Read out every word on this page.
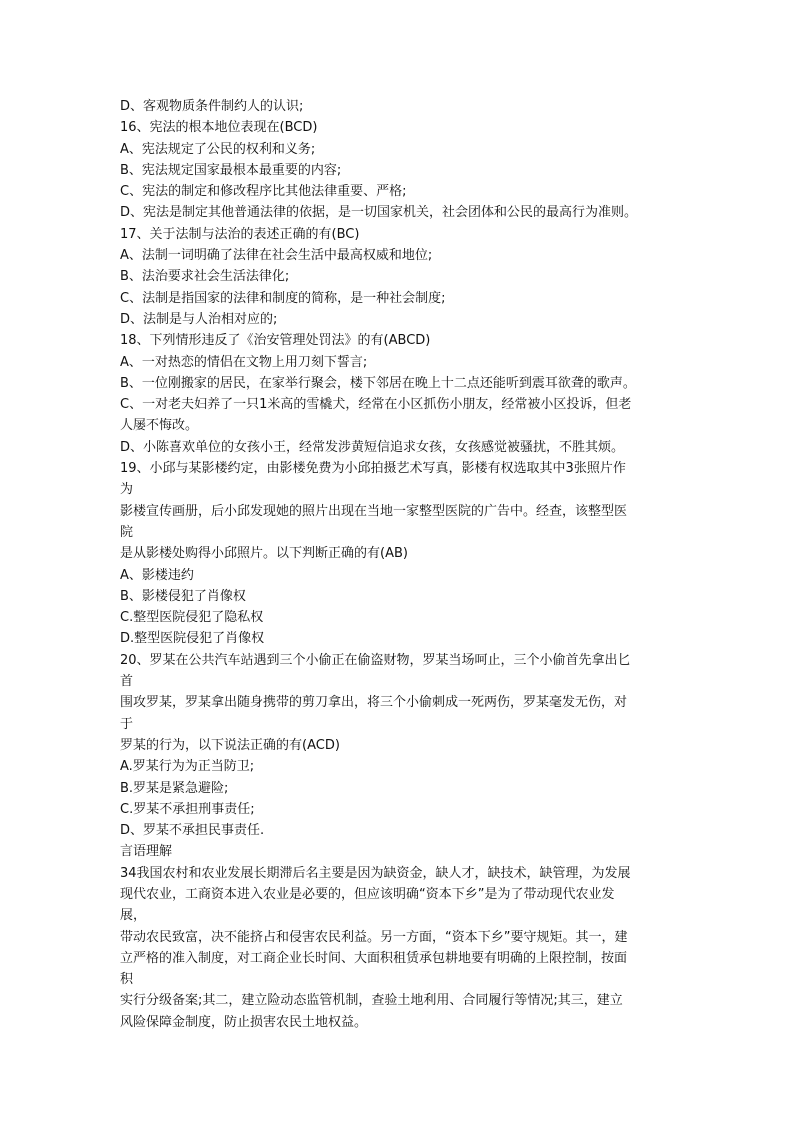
D、客观物质条件制约人的认识;
16、宪法的根本地位表现在(BCD)
A、宪法规定了公民的权利和义务;
B、宪法规定国家最根本最重要的内容;
C、宪法的制定和修改程序比其他法律重要、严格;
D、宪法是制定其他普通法律的依据，是一切国家机关，社会团体和公民的最高行为准则。
17、关于法制与法治的表述正确的有(BC)
A、法制一词明确了法律在社会生活中最高权威和地位;
B、法治要求社会生活法律化;
C、法制是指国家的法律和制度的简称，是一种社会制度;
D、法制是与人治相对应的;
18、下列情形违反了《治安管理处罚法》的有(ABCD)
A、一对热恋的情侣在文物上用刀刻下誓言;
B、一位刚搬家的居民，在家举行聚会，楼下邻居在晚上十二点还能听到震耳欲聋的歌声。
C、一对老夫妇养了一只1米高的雪橇犬，经常在小区抓伤小朋友，经常被小区投诉，但老
人屡不悔改。
D、小陈喜欢单位的女孩小王，经常发涉黄短信追求女孩，女孩感觉被骚扰，不胜其烦。
19、小邱与某影楼约定，由影楼免费为小邱拍摄艺术写真，影楼有权选取其中3张照片作
为
影楼宣传画册，后小邱发现她的照片出现在当地一家整型医院的广告中。经查，该整型医
院
是从影楼处购得小邱照片。以下判断正确的有(AB)
A、影楼违约
B、影楼侵犯了肖像权
C.整型医院侵犯了隐私权
D.整型医院侵犯了肖像权
20、罗某在公共汽车站遇到三个小偷正在偷盗财物，罗某当场呵止，三个小偷首先拿出匕
首
围攻罗某，罗某拿出随身携带的剪刀拿出，将三个小偷刺成一死两伤，罗某毫发无伤，对
于
罗某的行为，以下说法正确的有(ACD)
A.罗某行为为正当防卫;
B.罗某是紧急避险;
C.罗某不承担刑事责任;
D、罗某不承担民事责任.
言语理解
34我国农村和农业发展长期滞后名主要是因为缺资金，缺人才，缺技术，缺管理，为发展
现代农业，工商资本进入农业是必要的，但应该明确“资本下乡”是为了带动现代农业发
展，
带动农民致富，决不能挤占和侵害农民利益。另一方面，“资本下乡”要守规矩。其一，建
立严格的准入制度，对工商企业长时间、大面积租赁承包耕地要有明确的上限控制，按面
积
实行分级备案;其二，建立险动态监管机制，查验土地利用、合同履行等情况;其三，建立
风险保障金制度，防止损害农民土地权益。
